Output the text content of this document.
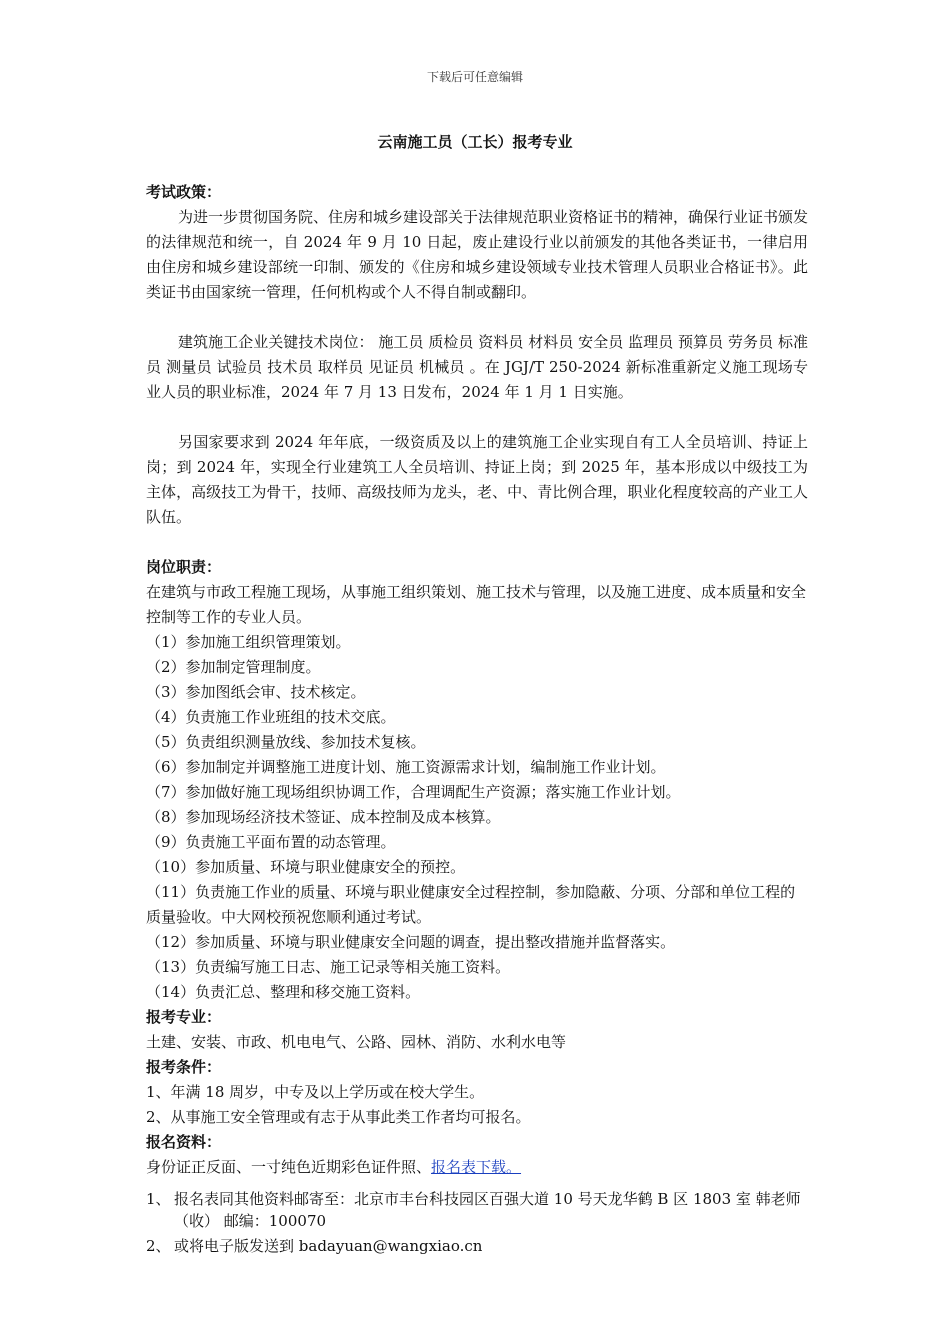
下载后可任意编辑
云南施工员（工长）报考专业

考试政策：

为进一步贯彻国务院、住房和城乡建设部关于法律规范职业资格证书的精神，确保行业证书颁发的法律规范和统一，自 2024 年 9 月 10 日起，废止建设行业以前颁发的其他各类证书，一律启用由住房和城乡建设部统一印制、颁发的《住房和城乡建设领域专业技术管理人员职业合格证书》。此类证书由国家统一管理，任何机构或个人不得自制或翻印。

建筑施工企业关键技术岗位： 施工员 质检员 资料员 材料员 安全员 监理员 预算员 劳务员 标准员 测量员 试验员 技术员 取样员 见证员 机械员 。在 JGJ/T 250-2024 新标准重新定义施工现场专业人员的职业标准，2024 年 7 月 13 日发布，2024 年 1 月 1 日实施。

另国家要求到 2024 年年底，一级资质及以上的建筑施工企业实现自有工人全员培训、持证上岗；到 2024 年，实现全行业建筑工人全员培训、持证上岗；到 2025 年，基本形成以中级技工为主体，高级技工为骨干，技师、高级技师为龙头，老、中、青比例合理，职业化程度较高的产业工人队伍。

岗位职责：

在建筑与市政工程施工现场，从事施工组织策划、施工技术与管理，以及施工进度、成本质量和安全控制等工作的专业人员。

（1）参加施工组织管理策划。

（2）参加制定管理制度。

（3）参加图纸会审、技术核定。

（4）负责施工作业班组的技术交底。

（5）负责组织测量放线、参加技术复核。

（6）参加制定并调整施工进度计划、施工资源需求计划，编制施工作业计划。

（7）参加做好施工现场组织协调工作，合理调配生产资源；落实施工作业计划。

（8）参加现场经济技术签证、成本控制及成本核算。

（9）负责施工平面布置的动态管理。

（10）参加质量、环境与职业健康安全的预控。

（11）负责施工作业的质量、环境与职业健康安全过程控制，参加隐蔽、分项、分部和单位工程的质量验收。中大网校预祝您顺利通过考试。

（12）参加质量、环境与职业健康安全问题的调查，提出整改措施并监督落实。

（13）负责编写施工日志、施工记录等相关施工资料。

（14）负责汇总、整理和移交施工资料。

报考专业：

土建、安装、市政、机电电气、公路、园林、消防、水利水电等

报考条件：

1、年满 18 周岁，中专及以上学历或在校大学生。

2、从事施工安全管理或有志于从事此类工作者均可报名。

报名资料：

身份证正反面、一寸纯色近期彩色证件照、报名表下载。

1、 报名表同其他资料邮寄至：北京市丰台科技园区百强大道 10 号天龙华鹤 B 区 1803 室 韩老师（收） 邮编：100070
2、 或将电子版发送到 badayuan@wangxiao.cn
